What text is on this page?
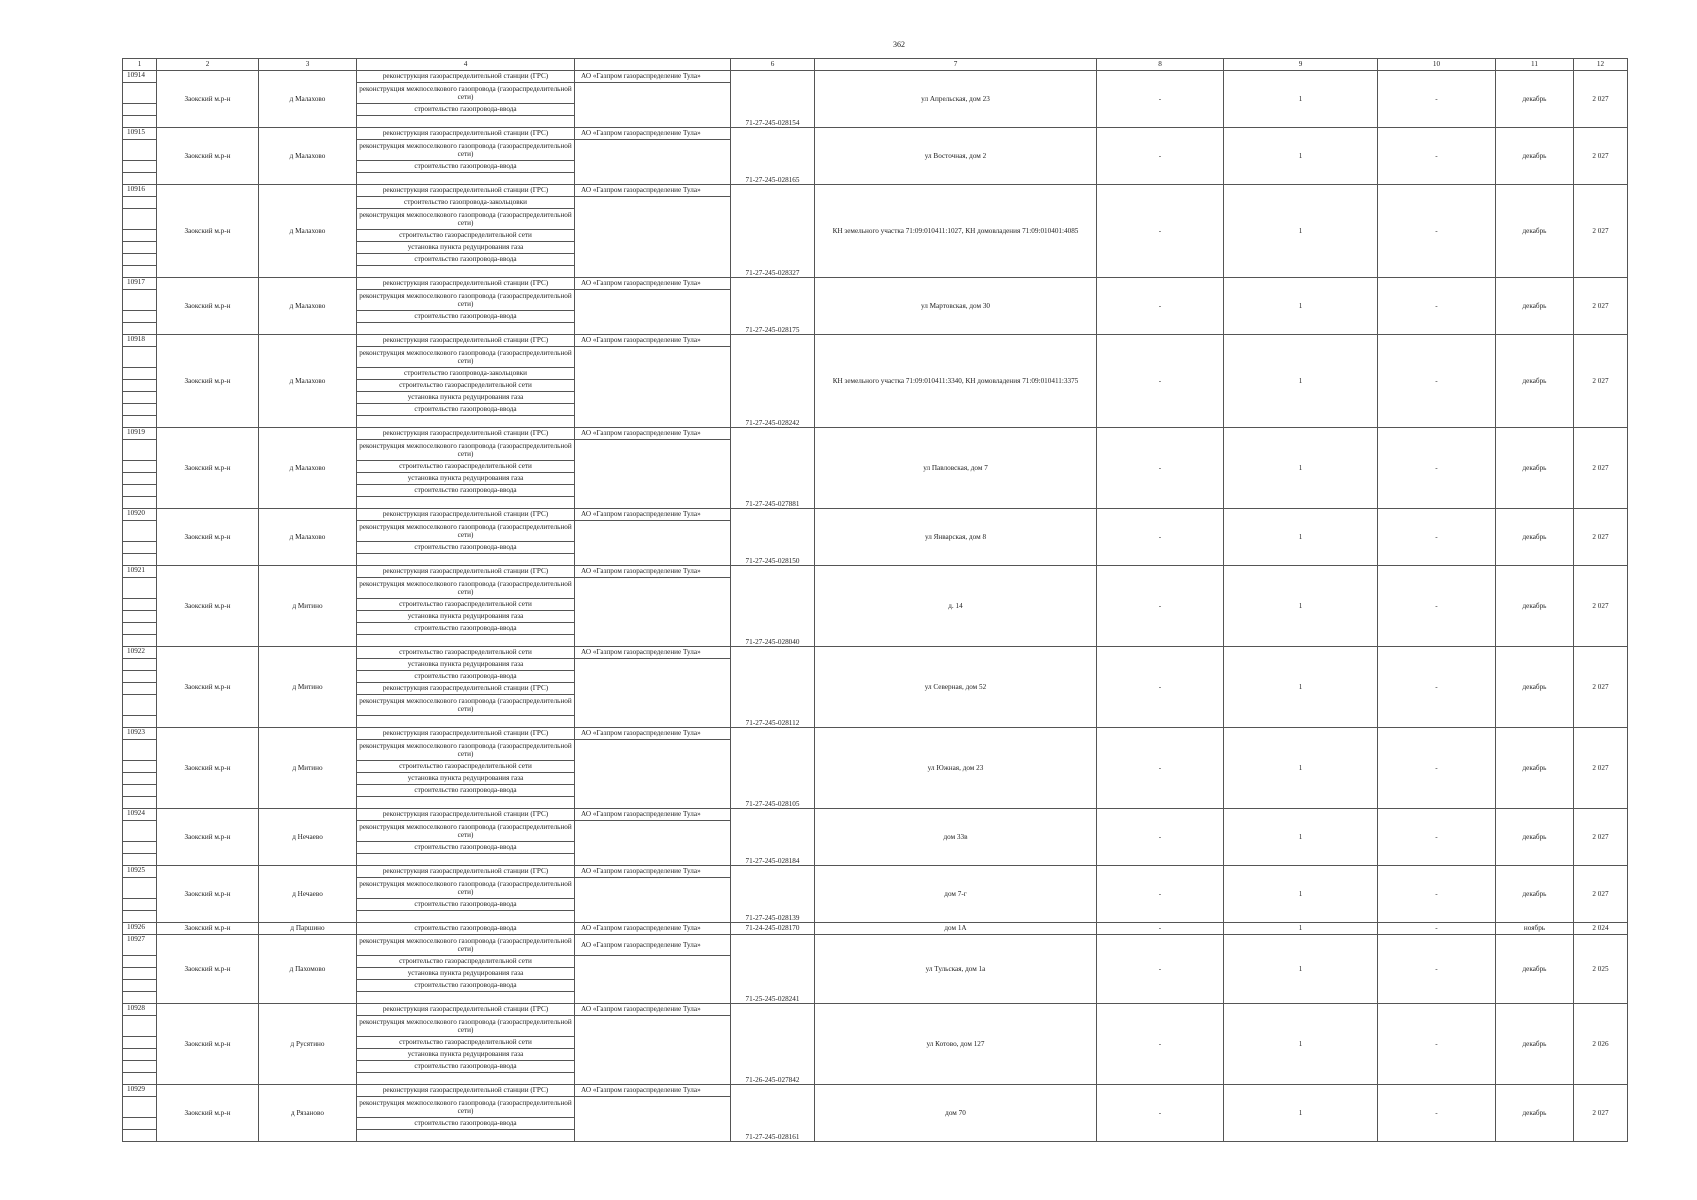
362
1	2	3	4		6	7	8	9	10	11	12
10914	Заокский м.р-н	д Малахово	реконструкция газораспределительной станции (ГРС)	АО «Газпром газораспределение Тула»	71-27-245-028154	ул Апрельская, дом 23	-	1	-	декабрь	2 027
			реконструкция межпоселкового газопровода (газораспределительной сети)								
			строительство газопровода-ввода								

10915	Заокский м.р-н	д Малахово	реконструкция газораспределительной станции (ГРС)	АО «Газпром газораспределение Тула»	71-27-245-028165	ул Восточная, дом 2	-	1	-	декабрь	2 027
			реконструкция межпоселкового газопровода (газораспределительной сети)								
			строительство газопровода-ввода								

10916	Заокский м.р-н	д Малахово	реконструкция газораспределительной станции (ГРС)	АО «Газпром газораспределение Тула»	71-27-245-028327	КН земельного участка 71:09:010411:1027, КН домовладения 71:09:010401:4085	-	1	-	декабрь	2 027
			строительство газопровода-закольцовки								
			реконструкция межпоселкового газопровода (газораспределительной сети)								
			строительство газораспределительной сети								
			установка пункта редуцирования газа								
			строительство газопровода-ввода								

10917	Заокский м.р-н	д Малахово	реконструкция газораспределительной станции (ГРС)	АО «Газпром газораспределение Тула»	71-27-245-028175	ул Мартовская, дом 30	-	1	-	декабрь	2 027
			реконструкция межпоселкового газопровода (газораспределительной сети)								
			строительство газопровода-ввода								

10918	Заокский м.р-н	д Малахово	реконструкция газораспределительной станции (ГРС)	АО «Газпром газораспределение Тула»	71-27-245-028242	КН земельного участка 71:09:010411:3340, КН домовладения 71:09:010411:3375	-	1	-	декабрь	2 027
			реконструкция межпоселкового газопровода (газораспределительной сети)								
			строительство газопровода-закольцовки								
			строительство газораспределительной сети								
			установка пункта редуцирования газа								
			строительство газопровода-ввода								

10919	Заокский м.р-н	д Малахово	реконструкция газораспределительной станции (ГРС)	АО «Газпром газораспределение Тула»	71-27-245-027881	ул Павловская, дом 7	-	1	-	декабрь	2 027
			реконструкция межпоселкового газопровода (газораспределительной сети)								
			строительство газораспределительной сети								
			установка пункта редуцирования газа								
			строительство газопровода-ввода								

10920	Заокский м.р-н	д Малахово	реконструкция газораспределительной станции (ГРС)	АО «Газпром газораспределение Тула»	71-27-245-028150	ул Январская, дом 8	-	1	-	декабрь	2 027
			реконструкция межпоселкового газопровода (газораспределительной сети)								
			строительство газопровода-ввода								

10921	Заокский м.р-н	д Митино	реконструкция газораспределительной станции (ГРС)	АО «Газпром газораспределение Тула»	71-27-245-028040	д. 14	-	1	-	декабрь	2 027
			реконструкция межпоселкового газопровода (газораспределительной сети)								
			строительство газораспределительной сети								
			установка пункта редуцирования газа								
			строительство газопровода-ввода								

10922	Заокский м.р-н	д Митино	строительство газораспределительной сети	АО «Газпром газораспределение Тула»	71-27-245-028112	ул Северная, дом 52	-	1	-	декабрь	2 027
			установка пункта редуцирования газа								
			строительство газопровода-ввода								
			реконструкция газораспределительной станции (ГРС)								
			реконструкция межпоселкового газопровода (газораспределительной сети)								

10923	Заокский м.р-н	д Митино	реконструкция газораспределительной станции (ГРС)	АО «Газпром газораспределение Тула»	71-27-245-028105	ул Южная, дом 23	-	1	-	декабрь	2 027
			реконструкция межпоселкового газопровода (газораспределительной сети)								
			строительство газораспределительной сети								
			установка пункта редуцирования газа								
			строительство газопровода-ввода								

10924	Заокский м.р-н	д Нечаево	реконструкция газораспределительной станции (ГРС)	АО «Газпром газораспределение Тула»	71-27-245-028184	дом 33в	-	1	-	декабрь	2 027
			реконструкция межпоселкового газопровода (газораспределительной сети)								
			строительство газопровода-ввода								

10925	Заокский м.р-н	д Нечаево	реконструкция газораспределительной станции (ГРС)	АО «Газпром газораспределение Тула»	71-27-245-028139	дом 7-г	-	1	-	декабрь	2 027
			реконструкция межпоселкового газопровода (газораспределительной сети)								
			строительство газопровода-ввода								

10926	Заокский м.р-н	д Паршино	строительство газопровода-ввода	АО «Газпром газораспределение Тула»	71-24-245-028170	дом 1А	-	1	-	ноябрь	2 024
10927	Заокский м.р-н	д Пахомово	реконструкция межпоселкового газопровода (газораспределительной сети)	АО «Газпром газораспределение Тула»	71-25-245-028241	ул Тульская, дом 1а	-	1	-	декабрь	2 025
			строительство газораспределительной сети								
			установка пункта редуцирования газа								
			строительство газопровода-ввода								

10928	Заокский м.р-н	д Русятино	реконструкция газораспределительной станции (ГРС)	АО «Газпром газораспределение Тула»	71-26-245-027842	ул Котово, дом 127	-	1	-	декабрь	2 026
			реконструкция межпоселкового газопровода (газораспределительной сети)								
			строительство газораспределительной сети								
			установка пункта редуцирования газа								
			строительство газопровода-ввода								

10929	Заокский м.р-н	д Рязаново	реконструкция газораспределительной станции (ГРС)	АО «Газпром газораспределение Тула»	71-27-245-028161	дом 70	-	1	-	декабрь	2 027
			реконструкция межпоселкового газопровода (газораспределительной сети)								
			строительство газопровода-ввода								
